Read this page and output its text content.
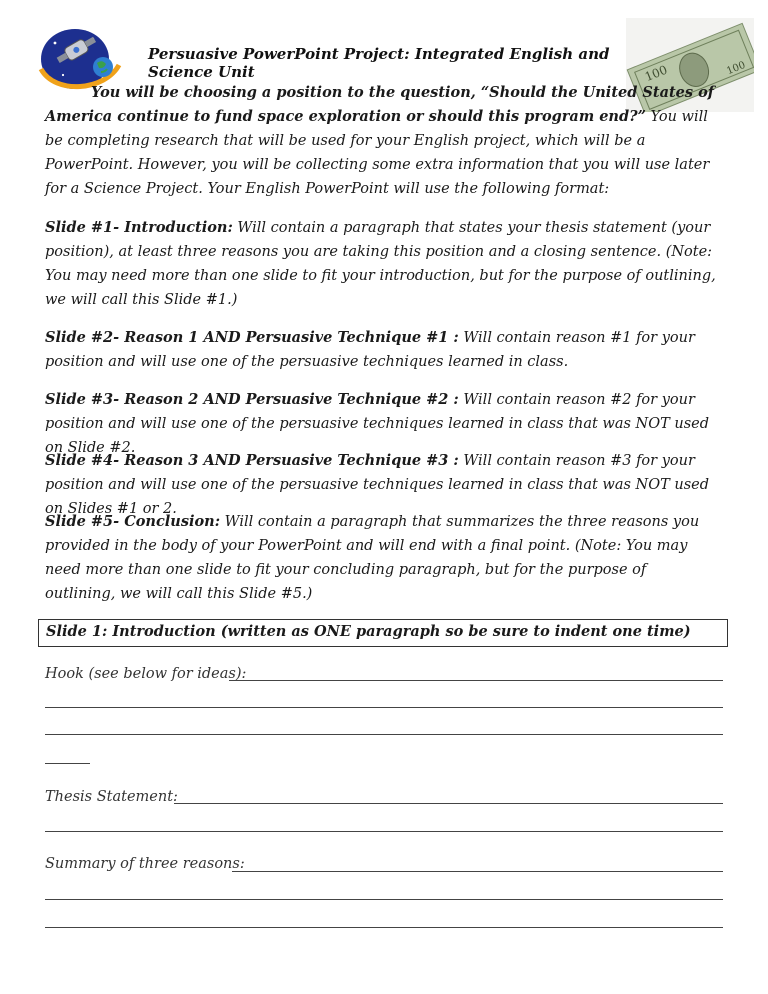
Persuasive PowerPoint Project: Integrated English and Science Unit	100	100
You will be choosing a position to the question, “Should the United States of America continue to fund space exploration or should this program end?” You will be completing research that will be used for your English project, which will be a PowerPoint. However, you will be collecting some extra information that you will use later for a Science Project. Your English PowerPoint will use the following format:
Slide #1- Introduction: Will contain a paragraph that states your thesis statement (your position), at least three reasons you are taking this position and a closing sentence. (Note: You may need more than one slide to fit your introduction, but for the purpose of outlining, we will call this Slide #1.)
Slide #2- Reason 1 AND Persuasive Technique #1 : Will contain reason #1 for your position and will use one of the persuasive techniques learned in class.
Slide #3- Reason 2 AND Persuasive Technique #2 : Will contain reason #2 for your position and will use one of the persuasive techniques learned in class that was NOT used on Slide #2.
Slide #4- Reason 3 AND Persuasive Technique #3 : Will contain reason #3 for your position and will use one of the persuasive techniques learned in class that was NOT used on Slides #1 or 2.
Slide #5- Conclusion: Will contain a paragraph that summarizes the three reasons you provided in the body of your PowerPoint and will end with a final point. (Note: You may need more than one slide to fit your concluding paragraph, but for the purpose of outlining, we will call this Slide #5.)
Slide 1: Introduction (written as ONE paragraph so be sure to indent one time)
Hook (see below for ideas):
Thesis Statement:
Summary of three reasons:
